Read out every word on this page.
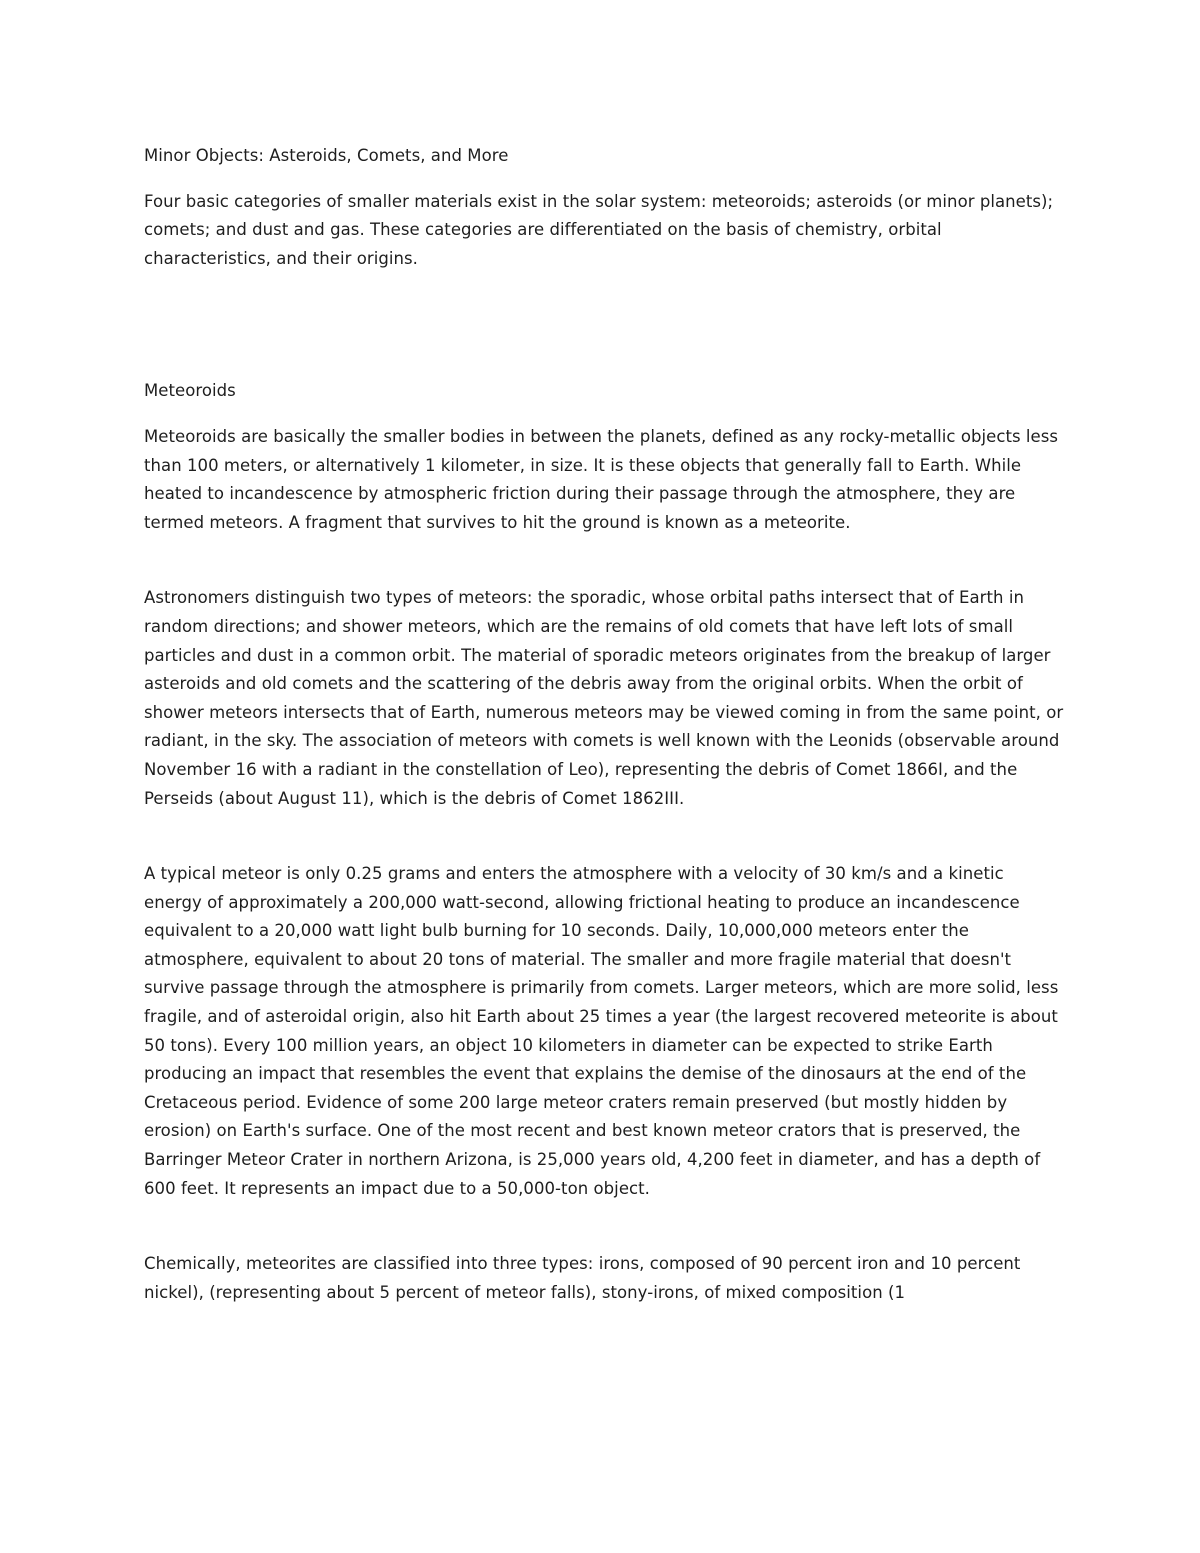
Minor Objects: Asteroids, Comets, and More

Four basic categories of smaller materials exist in the solar system: meteoroids; asteroids (or minor planets); comets; and dust and gas. These categories are differentiated on the basis of chemistry, orbital characteristics, and their origins.

Meteoroids

Meteoroids are basically the smaller bodies in between the planets, defined as any rocky-metallic objects less than 100 meters, or alternatively 1 kilometer, in size. It is these objects that generally fall to Earth. While heated to incandescence by atmospheric friction during their passage through the atmosphere, they are termed meteors. A fragment that survives to hit the ground is known as a meteorite.

Astronomers distinguish two types of meteors: the sporadic, whose orbital paths intersect that of Earth in random directions; and shower meteors, which are the remains of old comets that have left lots of small particles and dust in a common orbit. The material of sporadic meteors originates from the breakup of larger asteroids and old comets and the scattering of the debris away from the original orbits. When the orbit of shower meteors intersects that of Earth, numerous meteors may be viewed coming in from the same point, or radiant, in the sky. The association of meteors with comets is well known with the Leonids (observable around November 16 with a radiant in the constellation of Leo), representing the debris of Comet 1866I, and the Perseids (about August 11), which is the debris of Comet 1862III.

A typical meteor is only 0.25 grams and enters the atmosphere with a velocity of 30 km/s and a kinetic energy of approximately a 200,000 watt-second, allowing frictional heating to produce an incandescence equivalent to a 20,000 watt light bulb burning for 10 seconds. Daily, 10,000,000 meteors enter the atmosphere, equivalent to about 20 tons of material. The smaller and more fragile material that doesn't survive passage through the atmosphere is primarily from comets. Larger meteors, which are more solid, less fragile, and of asteroidal origin, also hit Earth about 25 times a year (the largest recovered meteorite is about 50 tons). Every 100 million years, an object 10 kilometers in diameter can be expected to strike Earth producing an impact that resembles the event that explains the demise of the dinosaurs at the end of the Cretaceous period. Evidence of some 200 large meteor craters remain preserved (but mostly hidden by erosion) on Earth's surface. One of the most recent and best known meteor crators that is preserved, the Barringer Meteor Crater in northern Arizona, is 25,000 years old, 4,200 feet in diameter, and has a depth of 600 feet. It represents an impact due to a 50,000-ton object.

Chemically, meteorites are classified into three types: irons, composed of 90 percent iron and 10 percent nickel), (representing about 5 percent of meteor falls), stony-irons, of mixed composition (1
